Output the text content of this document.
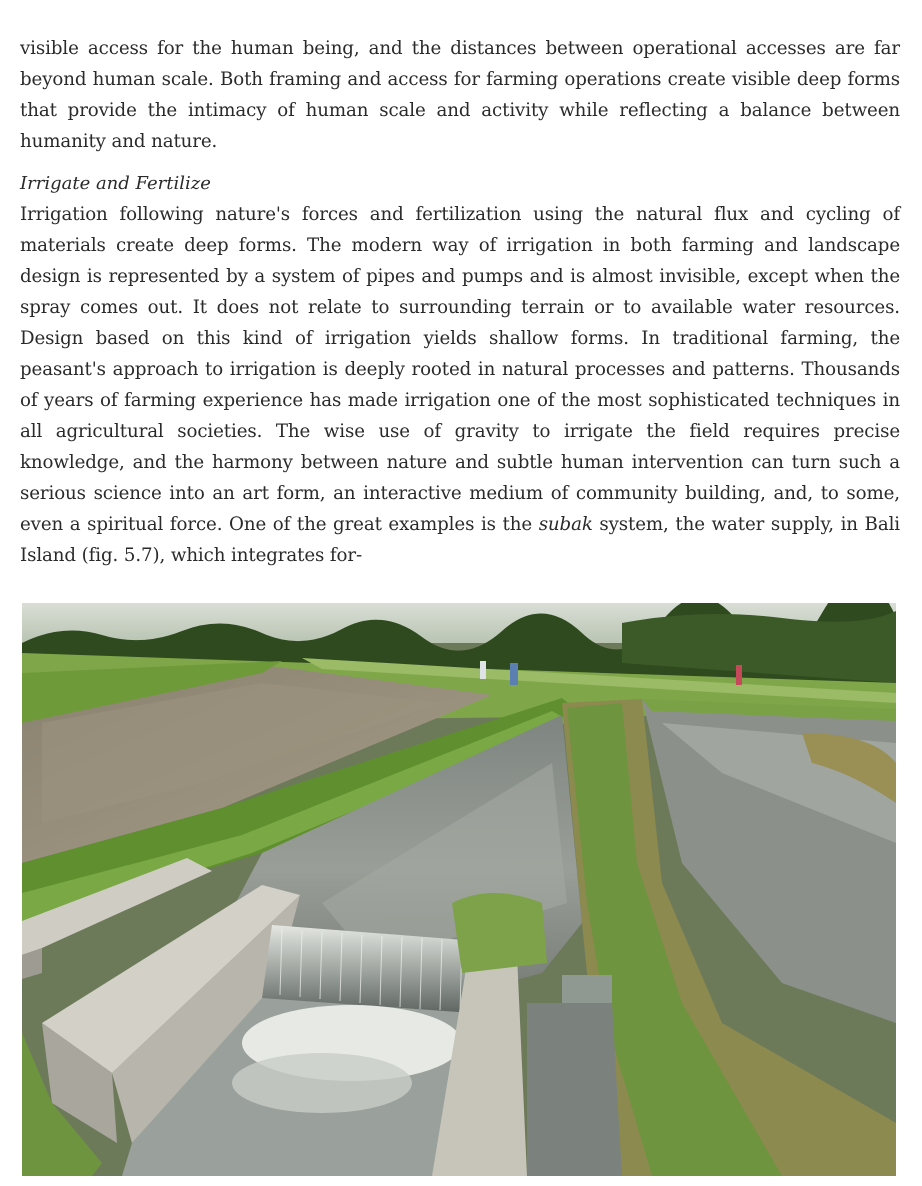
visible access for the human being, and the distances between operational accesses are far beyond human scale. Both framing and access for farming operations create visible deep forms that provide the intimacy of human scale and activity while reflecting a balance between humanity and nature.

Irrigate and Fertilize

Irrigation following nature's forces and fertilization using the natural flux and cycling of materials create deep forms. The modern way of irrigation in both farming and landscape design is represented by a system of pipes and pumps and is almost invisible, except when the spray comes out. It does not relate to surrounding terrain or to available water resources. Design based on this kind of irrigation yields shallow forms. In traditional farming, the peasant's approach to irrigation is deeply rooted in natural processes and patterns. Thousands of years of farming experience has made irrigation one of the most sophisticated techniques in all agricultural societies. The wise use of gravity to irrigate the field requires precise knowledge, and the harmony between nature and subtle human intervention can turn such a serious science into an art form, an interactive medium of community building, and, to some, even a spiritual force. One of the great examples is the subak system, the water supply, in Bali Island (fig. 5.7), which integrates for-
